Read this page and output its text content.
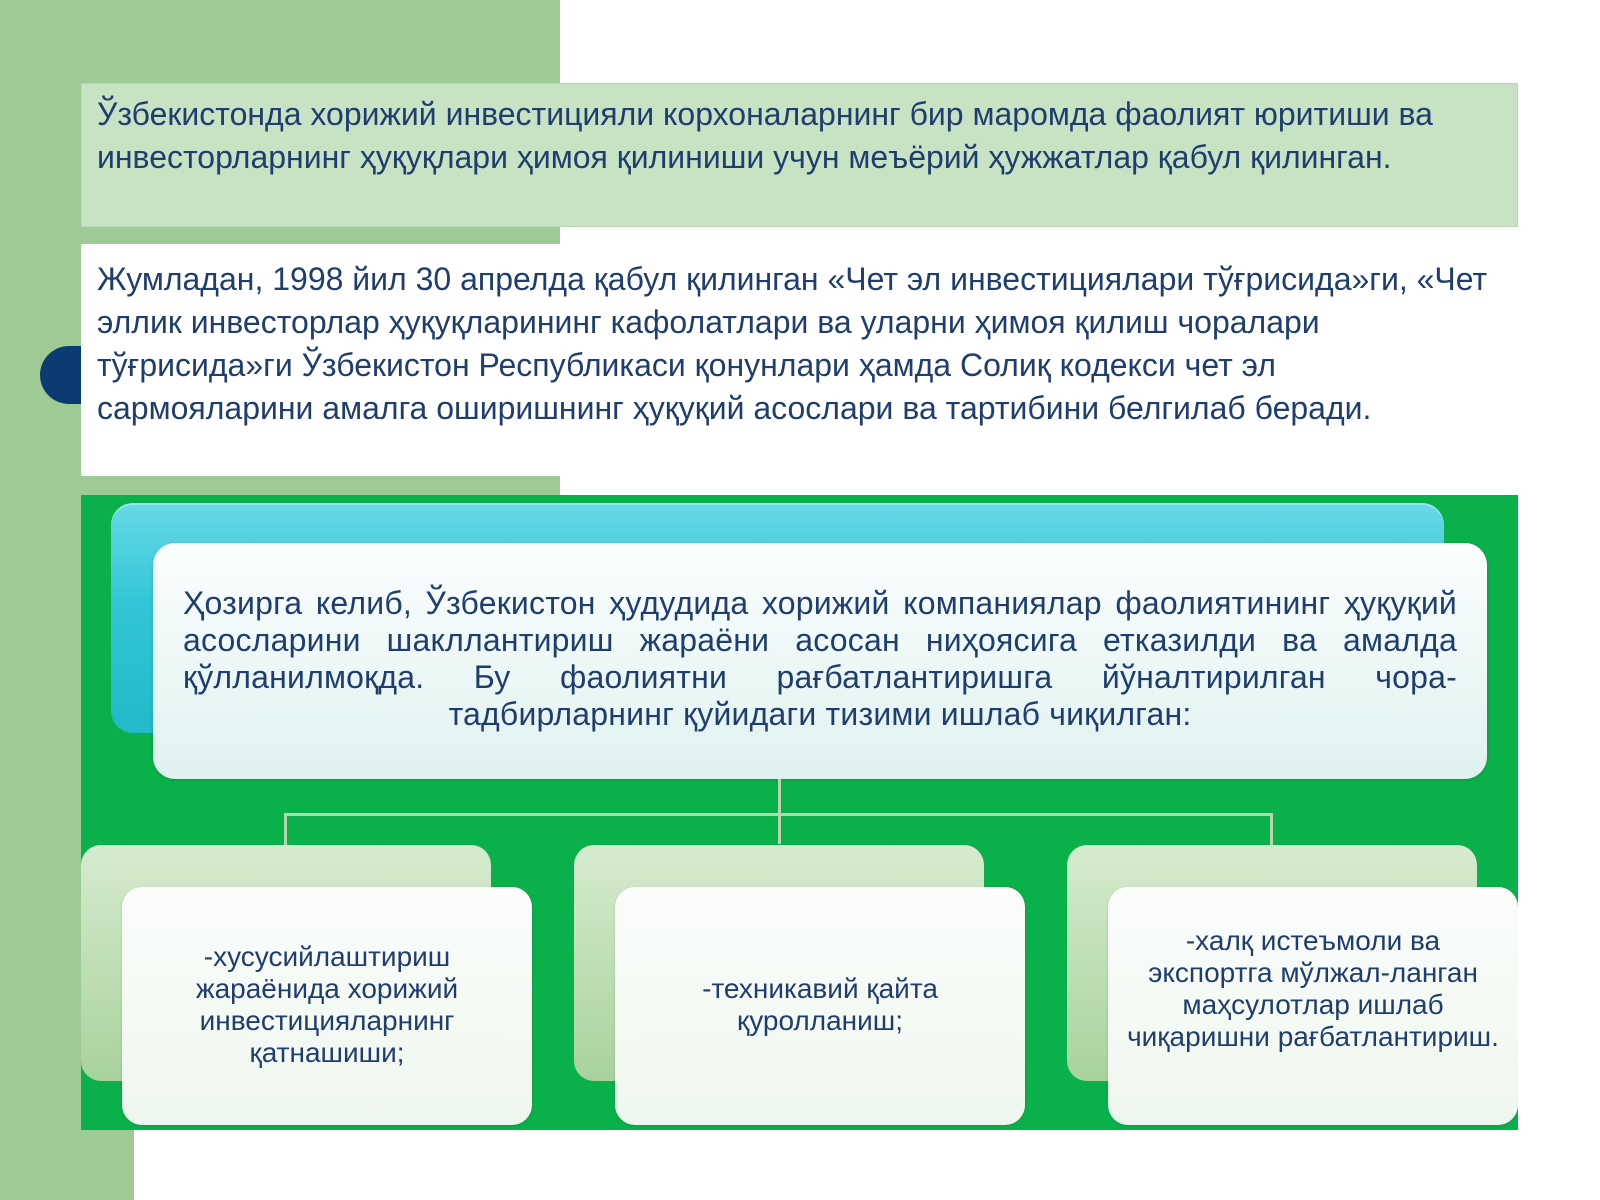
Ўзбекистонда хорижий инвестицияли корхоналарнинг бир маромда фаолият юритиши ва инвесторларнинг ҳуқуқлари ҳимоя қилиниши учун меъёрий ҳужжатлар қабул қилинган.

Жумладан, 1998 йил 30 апрелда қабул қилинган «Чет эл инвестициялари тўғрисида»ги, «Чет эллик инвесторлар ҳуқуқларининг кафолатлари ва уларни ҳимоя қилиш чоралари тўғрисида»ги Ўзбекистон Республикаси қонунлари ҳамда Солиқ кодекси чет эл сармояларини амалга оширишнинг ҳуқуқий асослари ва тартибини белгилаб беради.

Ҳозирга келиб, Ўзбекистон ҳудудида хорижий компаниялар фаолиятининг ҳуқуқий асосларини шакллантириш жараёни асосан ниҳоясига етказилди ва амалда қўлланилмоқда. Бу фаолиятни рағбатлантиришга йўналтирилган чора-тадбирларнинг қуйидаги тизими ишлаб чиқилган:

-хусусийлаштириш жараёнида хорижий инвестицияларнинг қатнашиши;

-техникавий қайта қуролланиш;

-халқ истеъмоли ва экспортга мўлжал-ланган маҳсулотлар ишлаб чиқаришни рағбатлантириш.
